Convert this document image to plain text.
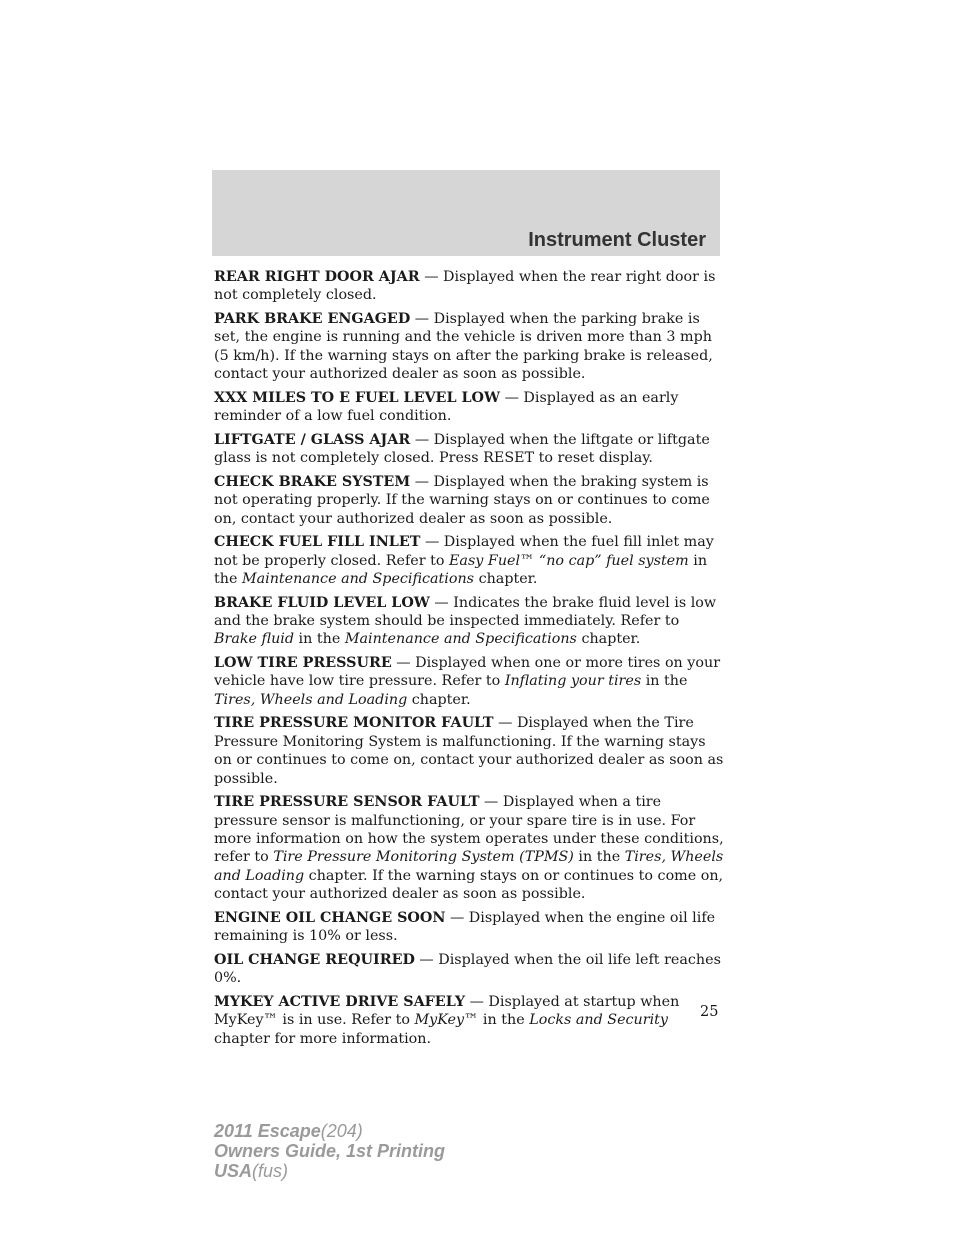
Instrument Cluster

REAR RIGHT DOOR AJAR — Displayed when the rear right door is not completely closed.

PARK BRAKE ENGAGED — Displayed when the parking brake is set, the engine is running and the vehicle is driven more than 3 mph (5 km/h). If the warning stays on after the parking brake is released, contact your authorized dealer as soon as possible.

XXX MILES TO E FUEL LEVEL LOW — Displayed as an early reminder of a low fuel condition.

LIFTGATE / GLASS AJAR — Displayed when the liftgate or liftgate glass is not completely closed. Press RESET to reset display.

CHECK BRAKE SYSTEM — Displayed when the braking system is not operating properly. If the warning stays on or continues to come on, contact your authorized dealer as soon as possible.

CHECK FUEL FILL INLET — Displayed when the fuel fill inlet may not be properly closed. Refer to Easy Fuel™ “no cap” fuel system in the Maintenance and Specifications chapter.

BRAKE FLUID LEVEL LOW — Indicates the brake fluid level is low and the brake system should be inspected immediately. Refer to Brake fluid in the Maintenance and Specifications chapter.

LOW TIRE PRESSURE — Displayed when one or more tires on your vehicle have low tire pressure. Refer to Inflating your tires in the Tires, Wheels and Loading chapter.

TIRE PRESSURE MONITOR FAULT — Displayed when the Tire Pressure Monitoring System is malfunctioning. If the warning stays on or continues to come on, contact your authorized dealer as soon as possible.

TIRE PRESSURE SENSOR FAULT — Displayed when a tire pressure sensor is malfunctioning, or your spare tire is in use. For more information on how the system operates under these conditions, refer to Tire Pressure Monitoring System (TPMS) in the Tires, Wheels and Loading chapter. If the warning stays on or continues to come on, contact your authorized dealer as soon as possible.

ENGINE OIL CHANGE SOON — Displayed when the engine oil life remaining is 10% or less.

OIL CHANGE REQUIRED — Displayed when the oil life left reaches 0%.

MYKEY ACTIVE DRIVE SAFELY — Displayed at startup when MyKey™ is in use. Refer to MyKey™ in the Locks and Security chapter for more information.

25
2011 Escape(204)
Owners Guide, 1st Printing
USA(fus)
